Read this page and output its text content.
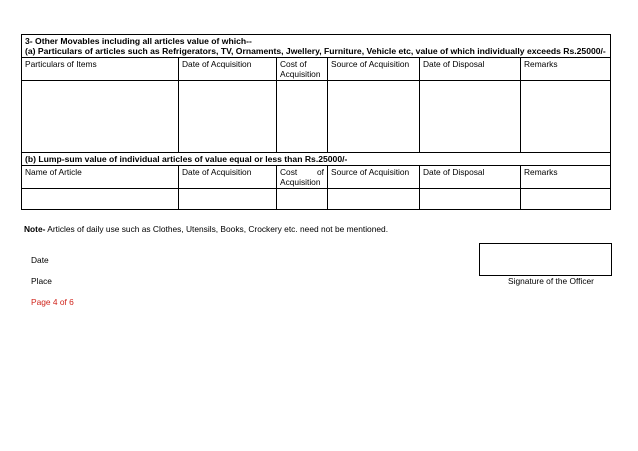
3- Other Movables including all articles value of which--
(a) Particulars of articles such as Refrigerators, TV, Ornaments, Jwellery, Furniture, Vehicle etc, value of which individually exceeds Rs.25000/-					

Particulars of Items	Date of Acquisition	Cost of
Acquisition	Source of Acquisition	Date of Disposal	Remarks

(b) Lump-sum value of individual articles of value equal or less than Rs.25000/-					
Name of Article	Date of Acquisition	Cost of
Acquisition	Source of Acquisition	Date of Disposal	Remarks

Note- Articles of daily use such as Clothes, Utensils, Books, Crockery etc. need not be mentioned.
Date
Place
Page 4 of 6
Signature of the Officer
